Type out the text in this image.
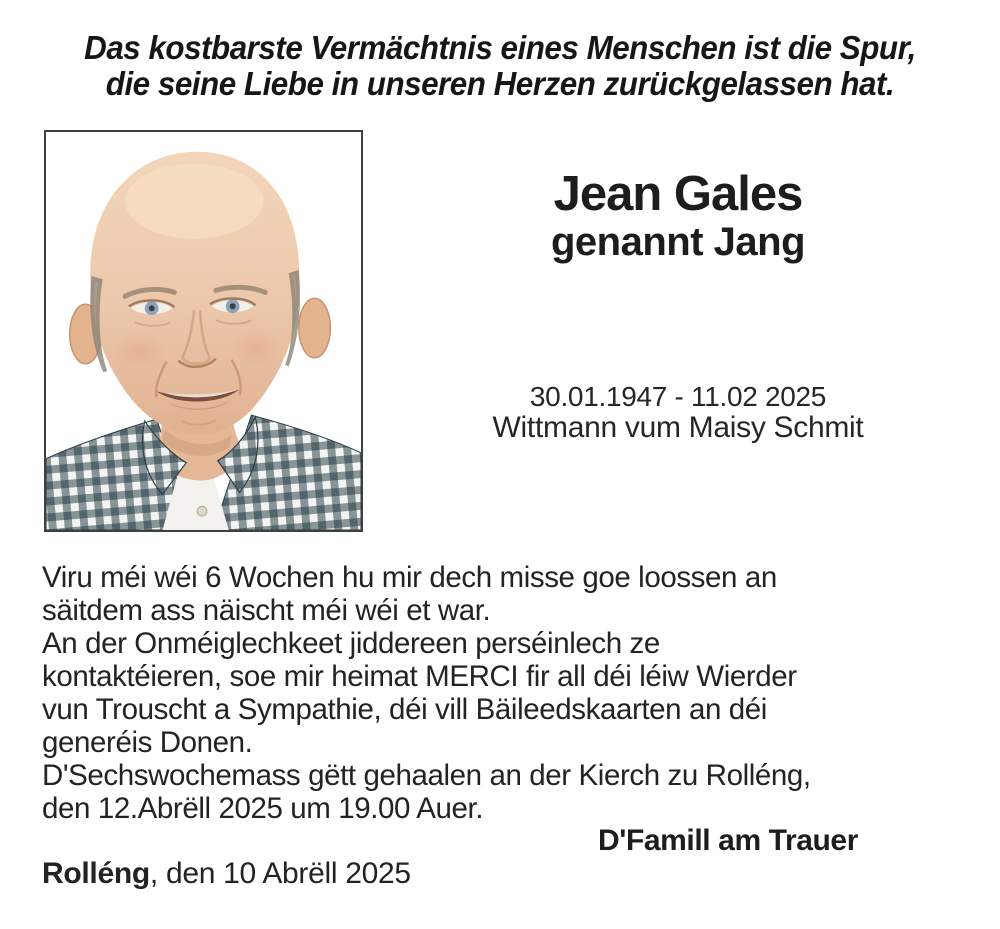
Das kostbarste Vermächtnis eines Menschen ist die Spur,
die seine Liebe in unseren Herzen zurückgelassen hat.
Jean Gales
genannt Jang
30.01.1947 - 11.02 2025
Wittmann vum Maisy Schmit
Viru méi wéi 6 Wochen hu mir dech misse goe loossen an
säitdem ass näischt méi wéi et war.
An der Onméiglechkeet jiddereen perséinlech ze
kontaktéieren, soe mir heimat MERCI fir all déi léiw Wierder
vun Trouscht a Sympathie, déi vill Bäileedskaarten an déi
generéis Donen.
D'Sechswochemass gëtt gehaalen an der Kierch zu Rolléng,
den 12.Abrëll 2025 um 19.00 Auer.
D'Famill am Trauer
Rolléng, den 10 Abrëll 2025
